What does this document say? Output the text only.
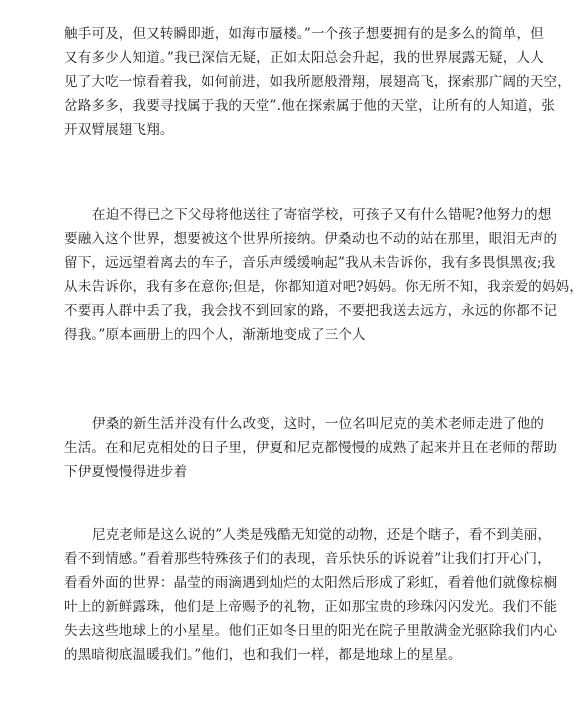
触手可及，但又转瞬即逝，如海市蜃楼。”一个孩子想要拥有的是多么的简单，但
又有多少人知道。”我已深信无疑，正如太阳总会升起，我的世界展露无疑，人人
见了大吃一惊看着我，如何前进，如我所愿般滑翔，展翅高飞，探索那广阔的天空，
岔路多多，我要寻找属于我的天堂”.他在探索属于他的天堂，让所有的人知道，张
开双臂展翅飞翔。
在迫不得已之下父母将他送往了寄宿学校，可孩子又有什么错呢?他努力的想
要融入这个世界，想要被这个世界所接纳。伊桑动也不动的站在那里，眼泪无声的
留下，远远望着离去的车子，音乐声缓缓响起”我从未告诉你，我有多畏惧黑夜;我
从未告诉你，我有多在意你;但是，你都知道对吧?妈妈。你无所不知，我亲爱的妈妈，
不要再人群中丢了我，我会找不到回家的路，不要把我送去远方，永远的你都不记
得我。”原本画册上的四个人，渐渐地变成了三个人
伊桑的新生活并没有什么改变，这时，一位名叫尼克的美术老师走进了他的
生活。在和尼克相处的日子里，伊夏和尼克都慢慢的成熟了起来并且在老师的帮助
下伊夏慢慢得进步着
尼克老师是这么说的”人类是残酷无知觉的动物，还是个瞎子，看不到美丽，
看不到情感。”看着那些特殊孩子们的表现，音乐快乐的诉说着”让我们打开心门，
看看外面的世界：晶莹的雨滴遇到灿烂的太阳然后形成了彩虹，看着他们就像棕榈
叶上的新鲜露珠，他们是上帝赐予的礼物，正如那宝贵的珍珠闪闪发光。我们不能
失去这些地球上的小星星。他们正如冬日里的阳光在院子里散满金光驱除我们内心
的黑暗彻底温暖我们。”他们，也和我们一样，都是地球上的星星。
